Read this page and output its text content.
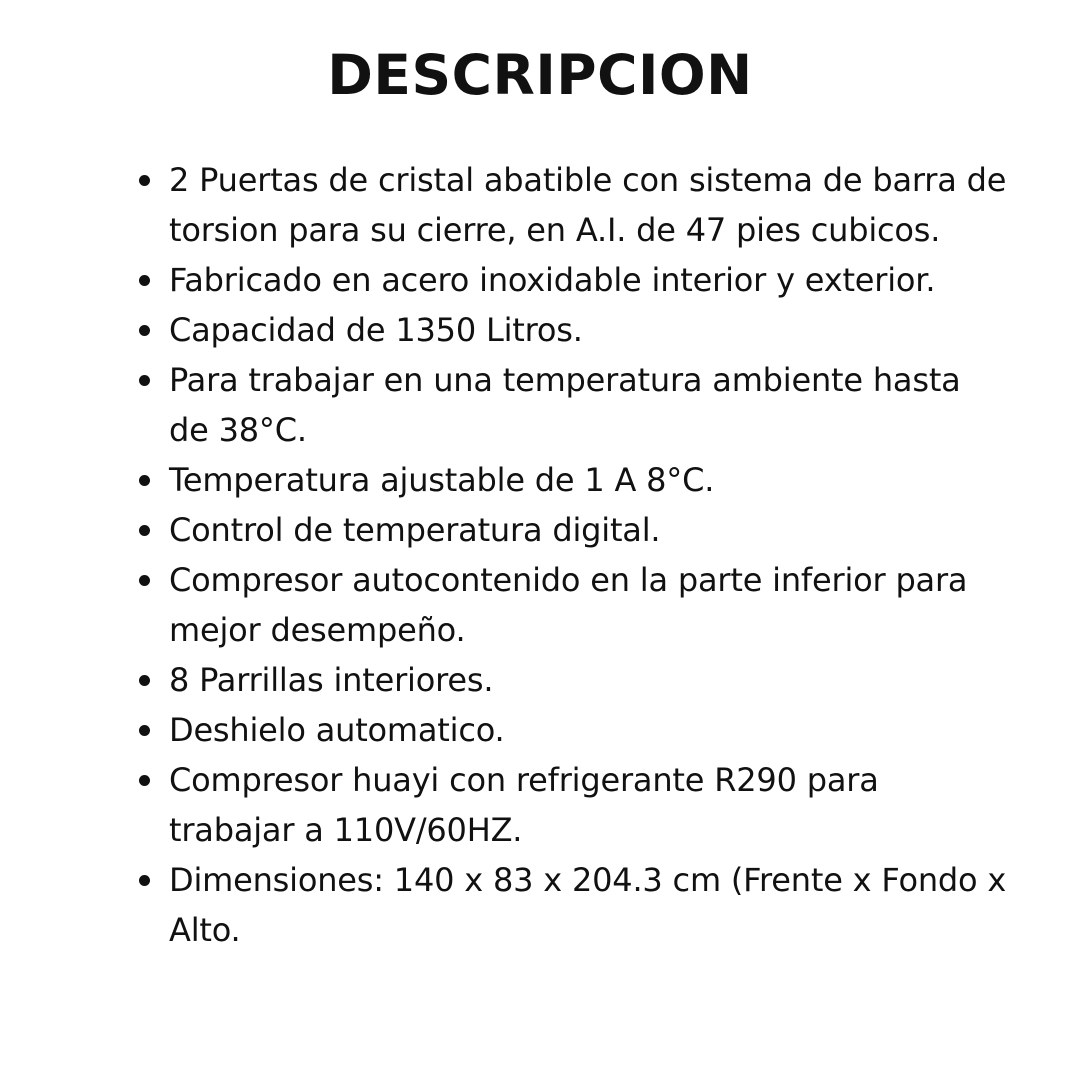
DESCRIPCION
2 Puertas de cristal abatible con sistema de barra de torsion para su cierre, en A.I. de 47 pies cubicos.
Fabricado en acero inoxidable interior y exterior.
Capacidad de 1350 Litros.
Para trabajar en una temperatura ambiente hasta de 38°C.
Temperatura ajustable de 1 A 8°C.
Control de temperatura digital.
Compresor autocontenido en la parte inferior para mejor desempeño.
8 Parrillas interiores.
Deshielo automatico.
Compresor huayi con refrigerante R290 para trabajar a 110V/60HZ.
Dimensiones: 140 x 83 x 204.3 cm (Frente x Fondo x Alto.
